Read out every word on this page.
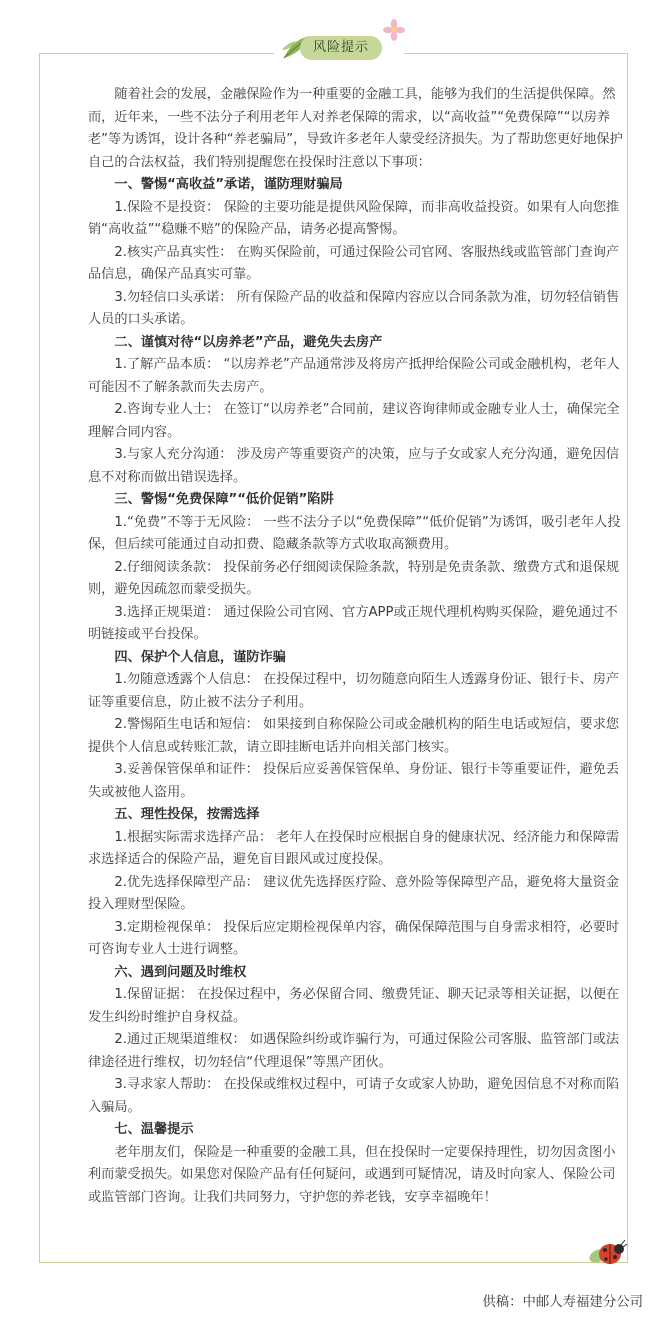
风险提示

随着社会的发展，金融保险作为一种重要的金融工具，能够为我们的生活提供保障。然而，近年来，一些不法分子利用老年人对养老保障的需求，以“高收益”“免费保障”“以房养老”等为诱饵，设计各种“养老骗局”，导致许多老年人蒙受经济损失。为了帮助您更好地保护自己的合法权益，我们特别提醒您在投保时注意以下事项：

一、警惕“高收益”承诺，谨防理财骗局

1.保险不是投资： 保险的主要功能是提供风险保障，而非高收益投资。如果有人向您推销“高收益”“稳赚不赔”的保险产品，请务必提高警惕。

2.核实产品真实性： 在购买保险前，可通过保险公司官网、客服热线或监管部门查询产品信息，确保产品真实可靠。

3.勿轻信口头承诺： 所有保险产品的收益和保障内容应以合同条款为准，切勿轻信销售人员的口头承诺。

二、谨慎对待“以房养老”产品，避免失去房产

1.了解产品本质： “以房养老”产品通常涉及将房产抵押给保险公司或金融机构，老年人可能因不了解条款而失去房产。

2.咨询专业人士： 在签订“以房养老”合同前，建议咨询律师或金融专业人士，确保完全理解合同内容。

3.与家人充分沟通： 涉及房产等重要资产的决策，应与子女或家人充分沟通，避免因信息不对称而做出错误选择。

三、警惕“免费保障”“低价促销”陷阱

1.“免费”不等于无风险： 一些不法分子以“免费保障”“低价促销”为诱饵，吸引老年人投保，但后续可能通过自动扣费、隐藏条款等方式收取高额费用。

2.仔细阅读条款： 投保前务必仔细阅读保险条款，特别是免责条款、缴费方式和退保规则，避免因疏忽而蒙受损失。

3.选择正规渠道： 通过保险公司官网、官方APP或正规代理机构购买保险，避免通过不明链接或平台投保。

四、保护个人信息，谨防诈骗

1.勿随意透露个人信息： 在投保过程中，切勿随意向陌生人透露身份证、银行卡、房产证等重要信息，防止被不法分子利用。

2.警惕陌生电话和短信： 如果接到自称保险公司或金融机构的陌生电话或短信，要求您提供个人信息或转账汇款，请立即挂断电话并向相关部门核实。

3.妥善保管保单和证件： 投保后应妥善保管保单、身份证、银行卡等重要证件，避免丢失或被他人盗用。

五、理性投保，按需选择

1.根据实际需求选择产品： 老年人在投保时应根据自身的健康状况、经济能力和保障需求选择适合的保险产品，避免盲目跟风或过度投保。

2.优先选择保障型产品： 建议优先选择医疗险、意外险等保障型产品，避免将大量资金投入理财型保险。

3.定期检视保单： 投保后应定期检视保单内容，确保保障范围与自身需求相符，必要时可咨询专业人士进行调整。

六、遇到问题及时维权

1.保留证据： 在投保过程中，务必保留合同、缴费凭证、聊天记录等相关证据，以便在发生纠纷时维护自身权益。

2.通过正规渠道维权： 如遇保险纠纷或诈骗行为，可通过保险公司客服、监管部门或法律途径进行维权，切勿轻信“代理退保”等黑产团伙。

3.寻求家人帮助： 在投保或维权过程中，可请子女或家人协助，避免因信息不对称而陷入骗局。

七、温馨提示

老年朋友们，保险是一种重要的金融工具，但在投保时一定要保持理性，切勿因贪图小利而蒙受损失。如果您对保险产品有任何疑问，或遇到可疑情况，请及时向家人、保险公司或监管部门咨询。让我们共同努力，守护您的养老钱，安享幸福晚年！

供稿：中邮人寿福建分公司
